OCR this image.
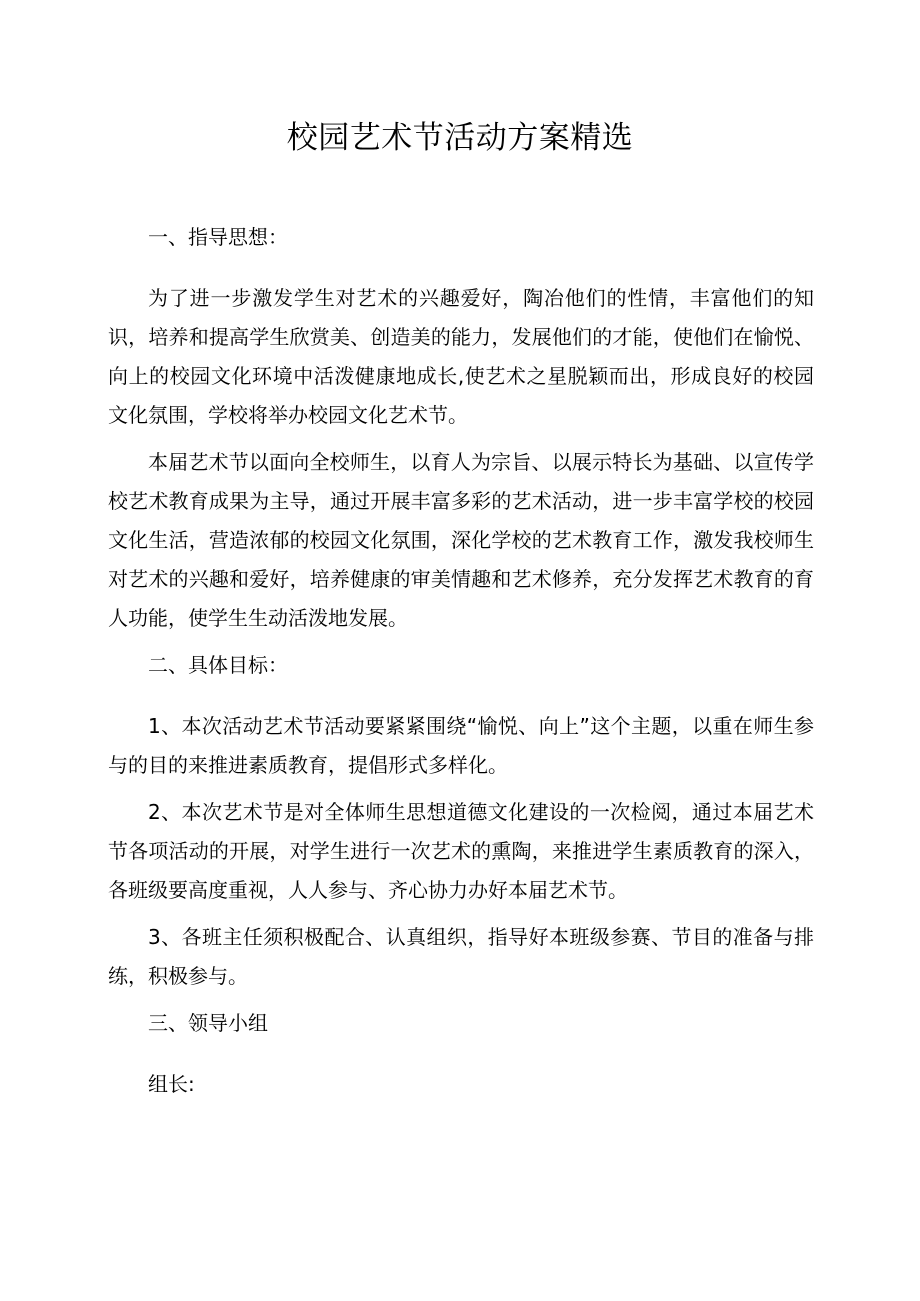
校园艺术节活动方案精选

一、指导思想：

为了进一步激发学生对艺术的兴趣爱好，陶冶他们的性情，丰富他们的知识，培养和提高学生欣赏美、创造美的能力，发展他们的才能，使他们在愉悦、向上的校园文化环境中活泼健康地成长,使艺术之星脱颖而出，形成良好的校园文化氛围，学校将举办校园文化艺术节。

本届艺术节以面向全校师生，以育人为宗旨、以展示特长为基础、以宣传学校艺术教育成果为主导，通过开展丰富多彩的艺术活动，进一步丰富学校的校园文化生活，营造浓郁的校园文化氛围，深化学校的艺术教育工作，激发我校师生对艺术的兴趣和爱好，培养健康的审美情趣和艺术修养，充分发挥艺术教育的育人功能，使学生生动活泼地发展。

二、具体目标：

1、本次活动艺术节活动要紧紧围绕“愉悦、向上”这个主题，以重在师生参与的目的来推进素质教育，提倡形式多样化。

2、本次艺术节是对全体师生思想道德文化建设的一次检阅，通过本届艺术节各项活动的开展，对学生进行一次艺术的熏陶，来推进学生素质教育的深入，各班级要高度重视，人人参与、齐心协力办好本届艺术节。

3、各班主任须积极配合、认真组织，指导好本班级参赛、节目的准备与排练，积极参与。

三、领导小组

组长:
